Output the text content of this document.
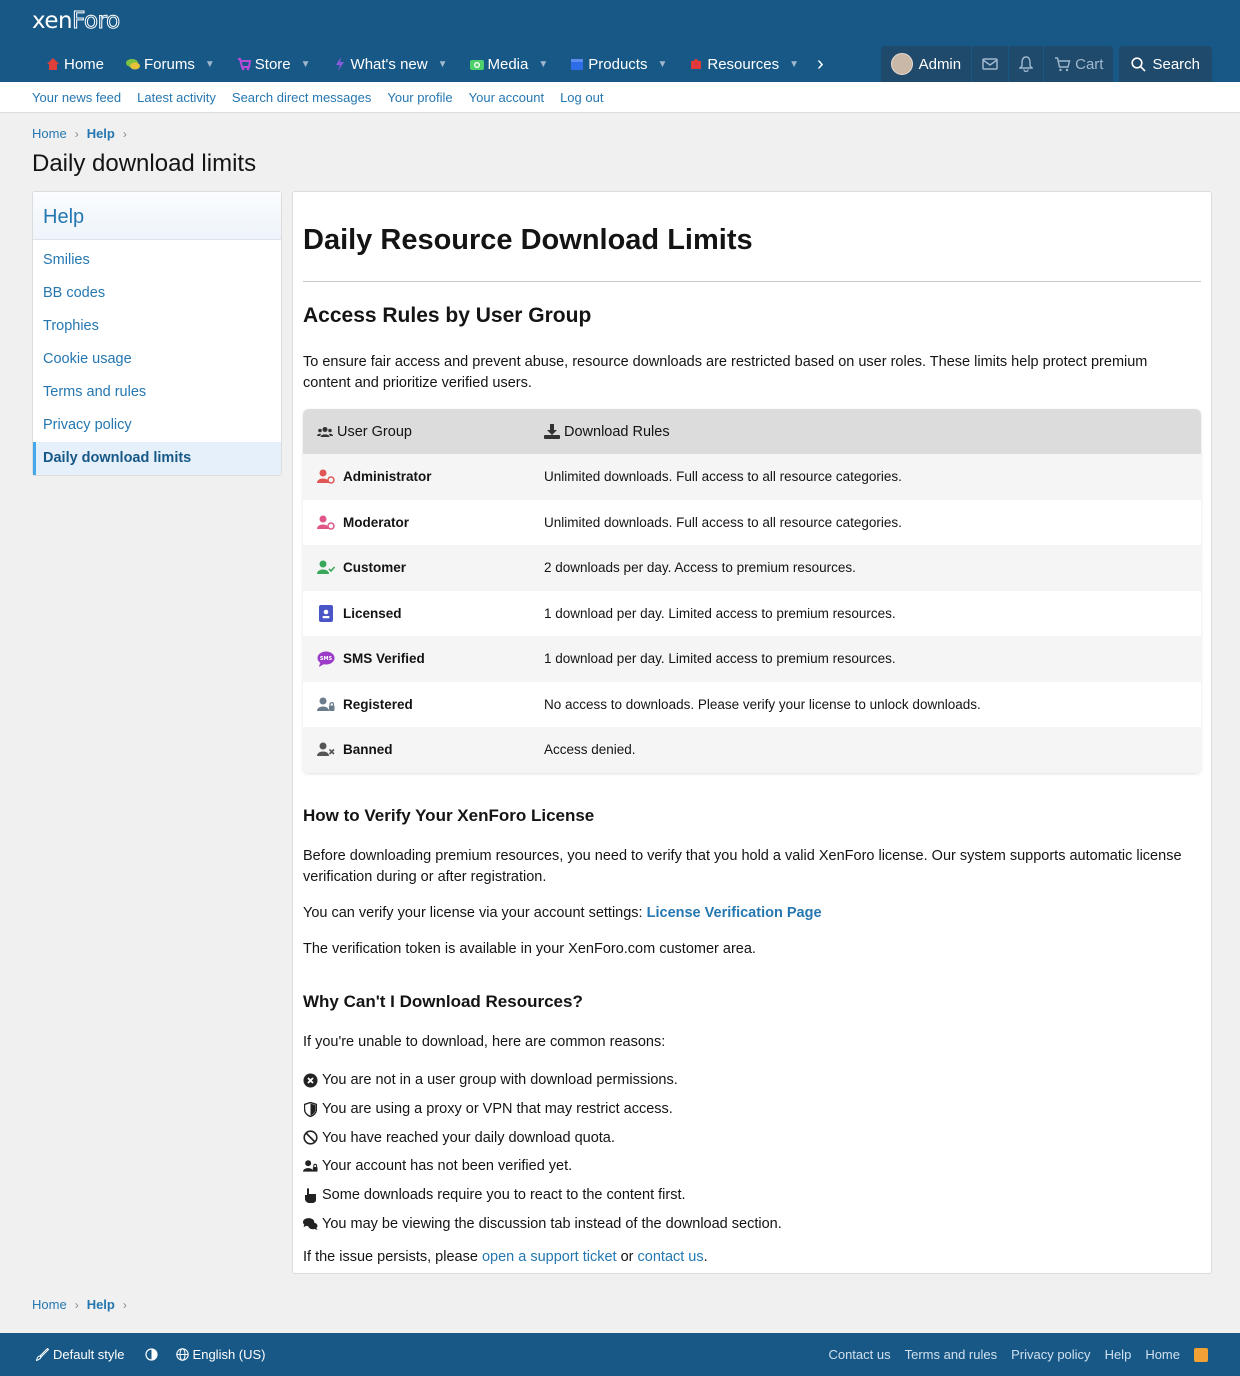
xenForo
Home	Forums ▼	Store ▼	What's new ▼	Media ▼	Products ▼	Resources ▼ ›	Admin	Cart	Search
Your news feed Latest activity Search direct messages Your profile Your account Log out
Home › Help ›
Daily download limits
Help
Smilies
BB codes
Trophies
Cookie usage
Terms and rules
Privacy policy
Daily download limits
Daily Resource Download Limits
Access Rules by User Group
To ensure fair access and prevent abuse, resource downloads are restricted based on user roles. These limits help protect premium content and prioritize verified users.
User Group	Download Rules
Administrator	Unlimited downloads. Full access to all resource categories.
Moderator	Unlimited downloads. Full access to all resource categories.
Customer	2 downloads per day. Access to premium resources.
Licensed	1 download per day. Limited access to premium resources.
SMS SMS Verified	1 download per day. Limited access to premium resources.
Registered	No access to downloads. Please verify your license to unlock downloads.
Banned	Access denied.
How to Verify Your XenForo License
Before downloading premium resources, you need to verify that you hold a valid XenForo license. Our system supports automatic license verification during or after registration.
You can verify your license via your account settings: License Verification Page
The verification token is available in your XenForo.com customer area.
Why Can't I Download Resources?
If you're unable to download, here are common reasons:
You are not in a user group with download permissions.
You are using a proxy or VPN that may restrict access.
You have reached your daily download quota.
Your account has not been verified yet.
Some downloads require you to react to the content first.
You may be viewing the discussion tab instead of the download section.
If the issue persists, please open a support ticket or contact us.
Home › Help ›
Default style	English (US)	Contact us Terms and rules Privacy policy Help Home
